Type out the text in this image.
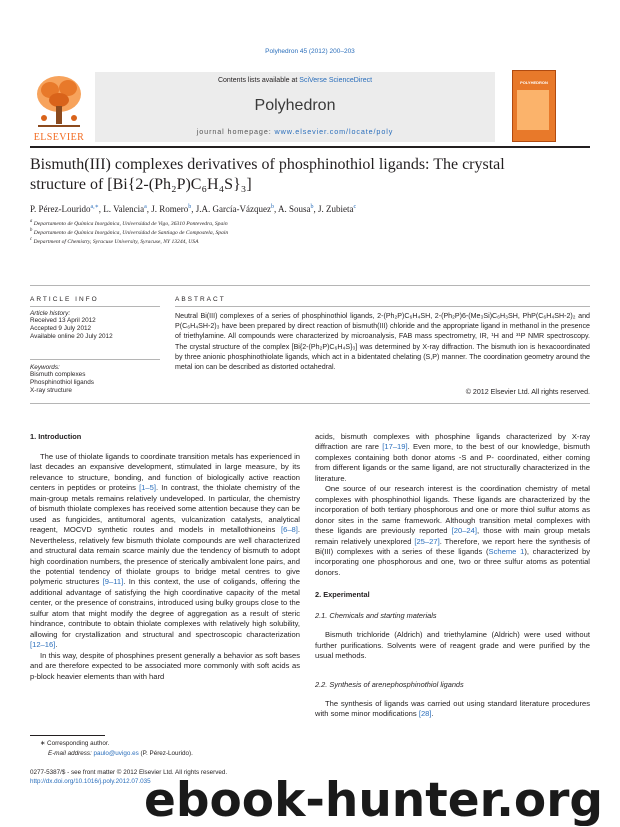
Polyhedron 45 (2012) 200–203
Contents lists available at SciVerse ScienceDirect
Polyhedron
journal homepage: www.elsevier.com/locate/poly
ELSEVIER
POLYHEDRON
Bismuth(III) complexes derivatives of phosphinothiol ligands: The crystal
structure of [Bi{2-(Ph₂P)C₆H₄S}₃]
P. Pérez-Lourido$^{a,∗}$, L. Valencia$^a$, J. Romero$^b$, J.A. García-Vázquez$^b$, A. Sousa$^b$, J. Zubieta$^c$
$^a$ Departamento de Química Inorgánica, Universidad de Vigo, 36310 Pontevedra, Spain
$^b$ Departamento de Química Inorgánica, Universidad de Santiago de Compostela, Spain
$^c$ Department of Chemistry, Syracuse University, Syracuse, NY 13244, USA
ARTICLE INFO
Article history:
Received 13 April 2012
Accepted 9 July 2012
Available online 20 July 2012
Keywords:
Bismuth complexes
Phosphinothiol ligands
X-ray structure
ABSTRACT
Neutral Bi(III) complexes of a series of phosphinothiol ligands, 2-(Ph₂P)C₆H₄SH, 2-(Ph₂P)6-(Me₃Si)C₆H₃SH, PhP(C₆H₄SH-2)₂ and P(C₆H₄SH-2)₃ have been prepared by direct reaction of bismuth(III) chloride and the appropriate ligand in methanol in the presence of triethylamine. All compounds were characterized by microanalysis, FAB mass spectrometry, IR, ¹H and ³¹P NMR spectroscopy. The crystal structure of the complex [Bi{2-(Ph₂P)C₆H₄S}₃] was determined by X-ray diffraction. The bismuth ion is hexacoordinated by three anionic phosphinothiolate ligands, which act in a bidentated chelating (S,P) manner. The coordination geometry around the metal ion can be described as distorted octahedral.
© 2012 Elsevier Ltd. All rights reserved.
1. Introduction

The use of thiolate ligands to coordinate transition metals has experienced in last decades an expansive development, stimulated in large measure, by its relevance to structure, bonding, and function of biologically active reaction centers in peptides or proteins [1–5]. In contrast, the thiolate chemistry of the main-group metals remains relatively undeveloped. In particular, the chemistry of bismuth thiolate complexes has received some attention because they can be used as fungicides, antitumoral agents, vulcanization catalysts, analytical reagent, MOCVD synthetic routes and models in metallothioneins [6–8]. Nevertheless, relatively few bismuth thiolate compounds are well characterized and structural data remain scarce mainly due the tendency of bismuth to adopt high coordination numbers, the presence of sterically ambivalent lone pairs, and the potential tendency of thiolate groups to bridge metal centres to give polymeric structures [9–11]. In this context, the use of coligands, offering the additional advantage of satisfying the high coordinative capacity of the metal center, or the presence of constrains, introduced using bulky groups close to the sulfur atom that might modify the degree of aggregation as a result of steric hindrance, contribute to obtain thiolate complexes with relatively high solubility, allowing for crystallization and structural and spectroscopic characterization [12–16].

In this way, despite of phosphines present generally a behavior as soft bases and are therefore expected to be associated more commonly with soft acids as p-block heavier elements than with hard

acids, bismuth complexes with phosphine ligands characterized by X-ray diffraction are rare [17–19]. Even more, to the best of our knowledge, bismuth complexes containing both donor atoms -S and P- coordinated, either coming from different ligands or the same ligand, are not structurally characterized in the literature.

One source of our research interest is the coordination chemistry of metal complexes with phosphinothiol ligands. These ligands are characterized by the incorporation of both tertiary phosphorous and one or more thiol sulfur atoms as donor sites in the same framework. Although transition metal complexes with these ligands are previously reported [20–24], those with main group metals remain relatively unexplored [25–27]. Therefore, we report here the synthesis of Bi(III) complexes with a series of these ligands (Scheme 1), characterized by incorporating one phosphorous and one, two or three sulfur atoms as potential donors.

2. Experimental
2.1. Chemicals and starting materials

Bismuth trichloride (Aldrich) and triethylamine (Aldrich) were used without further purifications. Solvents were of reagent grade and were purified by the usual methods.

2.2. Synthesis of arenephosphinothiol ligands

The synthesis of ligands was carried out using standard literature procedures with some minor modifications [28].

∗ Corresponding author.
E-mail address: paulo@uvigo.es (P. Pérez-Lourido).
0277-5387/$ - see front matter © 2012 Elsevier Ltd. All rights reserved.
http://dx.doi.org/10.1016/j.poly.2012.07.035
ebook-hunter.org
